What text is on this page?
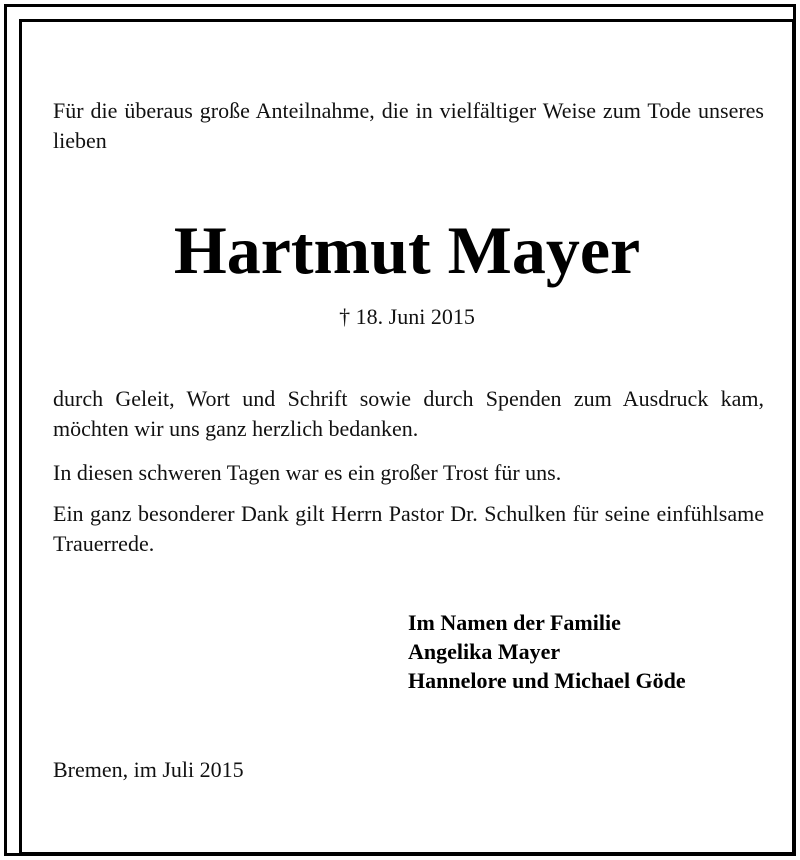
Für die überaus große Anteilnahme, die in vielfältiger Weise zum Tode unseres lieben

Hartmut Mayer
† 18. Juni 2015

durch Geleit, Wort und Schrift sowie durch Spenden zum Ausdruck kam, möchten wir uns ganz herzlich bedanken.

In diesen schweren Tagen war es ein großer Trost für uns.

Ein ganz besonderer Dank gilt Herrn Pastor Dr. Schulken für seine einfühlsame Trauerrede.

Im Namen der Familie
Angelika Mayer
Hannelore und Michael Göde
Bremen, im Juli 2015
